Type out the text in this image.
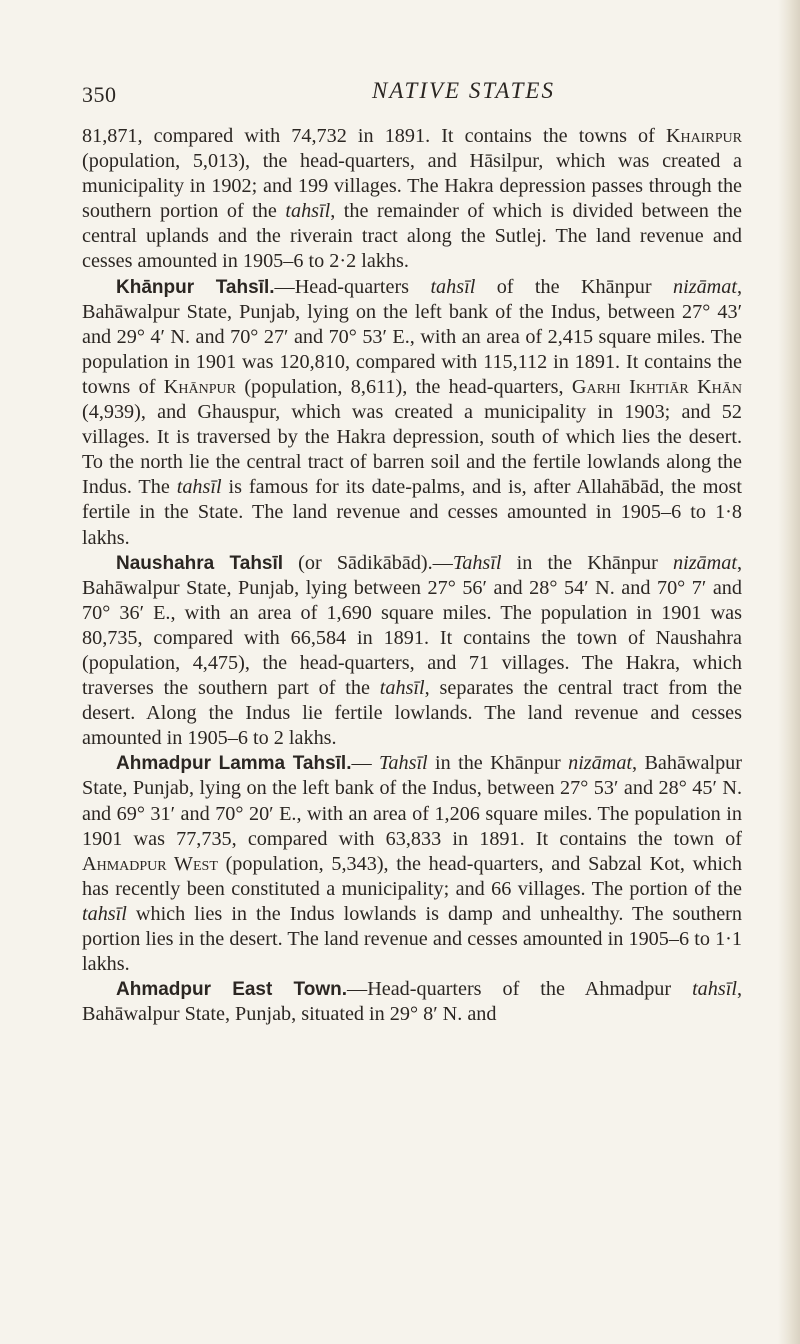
350	NATIVE STATES

81,871, compared with 74,732 in 1891. It contains the towns of Khairpur (population, 5,013), the head-quarters, and Hāsilpur, which was created a municipality in 1902; and 199 villages. The Hakra depression passes through the southern portion of the tahsīl, the remainder of which is divided between the central uplands and the riverain tract along the Sutlej. The land revenue and cesses amounted in 1905–6 to 2·2 lakhs.

Khānpur Tahsīl.—Head-quarters tahsīl of the Khānpur nizāmat, Bahāwalpur State, Punjab, lying on the left bank of the Indus, between 27° 43′ and 29° 4′ N. and 70° 27′ and 70° 53′ E., with an area of 2,415 square miles. The population in 1901 was 120,810, compared with 115,112 in 1891. It contains the towns of Khānpur (population, 8,611), the head-quarters, Garhi Ikhtiār Khān (4,939), and Ghauspur, which was created a municipality in 1903; and 52 villages. It is traversed by the Hakra depression, south of which lies the desert. To the north lie the central tract of barren soil and the fertile lowlands along the Indus. The tahsīl is famous for its date-palms, and is, after Allahābād, the most fertile in the State. The land revenue and cesses amounted in 1905–6 to 1·8 lakhs.

Naushahra Tahsīl (or Sādikābād).—Tahsīl in the Khānpur nizāmat, Bahāwalpur State, Punjab, lying between 27° 56′ and 28° 54′ N. and 70° 7′ and 70° 36′ E., with an area of 1,690 square miles. The population in 1901 was 80,735, compared with 66,584 in 1891. It contains the town of Naushahra (population, 4,475), the head-quarters, and 71 villages. The Hakra, which traverses the southern part of the tahsīl, separates the central tract from the desert. Along the Indus lie fertile lowlands. The land revenue and cesses amounted in 1905–6 to 2 lakhs.

Ahmadpur Lamma Tahsīl.— Tahsīl in the Khānpur nizāmat, Bahāwalpur State, Punjab, lying on the left bank of the Indus, between 27° 53′ and 28° 45′ N. and 69° 31′ and 70° 20′ E., with an area of 1,206 square miles. The population in 1901 was 77,735, compared with 63,833 in 1891. It contains the town of Ahmadpur West (population, 5,343), the head-quarters, and Sabzal Kot, which has recently been constituted a municipality; and 66 villages. The portion of the tahsīl which lies in the Indus lowlands is damp and unhealthy. The southern portion lies in the desert. The land revenue and cesses amounted in 1905–6 to 1·1 lakhs.

Ahmadpur East Town.—Head-quarters of the Ahmadpur tahsīl, Bahāwalpur State, Punjab, situated in 29° 8′ N. and
